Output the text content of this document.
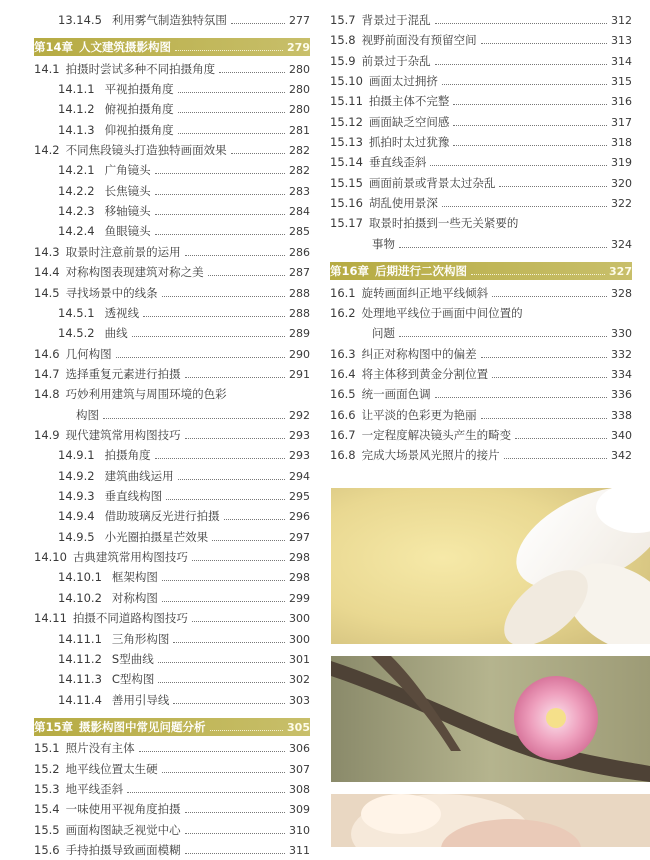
13.14.5 利用雾气制造独特氛围	277
第14章 人文建筑摄影构图	279
14.1 拍摄时尝试多种不同拍摄角度	280
14.1.1 平视拍摄角度	280
14.1.2 俯视拍摄角度	280
14.1.3 仰视拍摄角度	281
14.2 不同焦段镜头打造独特画面效果	282
14.2.1 广角镜头	282
14.2.2 长焦镜头	283
14.2.3 移轴镜头	284
14.2.4 鱼眼镜头	285
14.3 取景时注意前景的运用	286
14.4 对称构图表现建筑对称之美	287
14.5 寻找场景中的线条	288
14.5.1 透视线	288
14.5.2 曲线	289
14.6 几何构图	290
14.7 选择重复元素进行拍摄	291
14.8 巧妙利用建筑与周围环境的色彩
构图	292
14.9 现代建筑常用构图技巧	293
14.9.1 拍摄角度	293
14.9.2 建筑曲线运用	294
14.9.3 垂直线构图	295
14.9.4 借助玻璃反光进行拍摄	296
14.9.5 小光圈拍摄星芒效果	297
14.10 古典建筑常用构图技巧	298
14.10.1 框架构图	298
14.10.2 对称构图	299
14.11 拍摄不同道路构图技巧	300
14.11.1 三角形构图	300
14.11.2 S型曲线	301
14.11.3 C型构图	302
14.11.4 善用引导线	303
第15章 摄影构图中常见问题分析	305
15.1 照片没有主体	306
15.2 地平线位置太生硬	307
15.3 地平线歪斜	308
15.4 一味使用平视角度拍摄	309
15.5 画面构图缺乏视觉中心	310
15.6 手持拍摄导致画面模糊	311
15.7 背景过于混乱	312
15.8 视野前面没有预留空间	313
15.9 前景过于杂乱	314
15.10 画面太过拥挤	315
15.11 拍摄主体不完整	316
15.12 画面缺乏空间感	317
15.13 抓拍时太过犹豫	318
15.14 垂直线歪斜	319
15.15 画面前景或背景太过杂乱	320
15.16 胡乱使用景深	322
15.17 取景时拍摄到一些无关紧要的
事物	324
第16章 后期进行二次构图	327
16.1 旋转画面纠正地平线倾斜	328
16.2 处理地平线位于画面中间位置的
问题	330
16.3 纠正对称构图中的偏差	332
16.4 将主体移到黄金分割位置	334
16.5 统一画面色调	336
16.6 让平淡的色彩更为艳丽	338
16.7 一定程度解决镜头产生的畸变	340
16.8 完成大场景风光照片的接片	342
